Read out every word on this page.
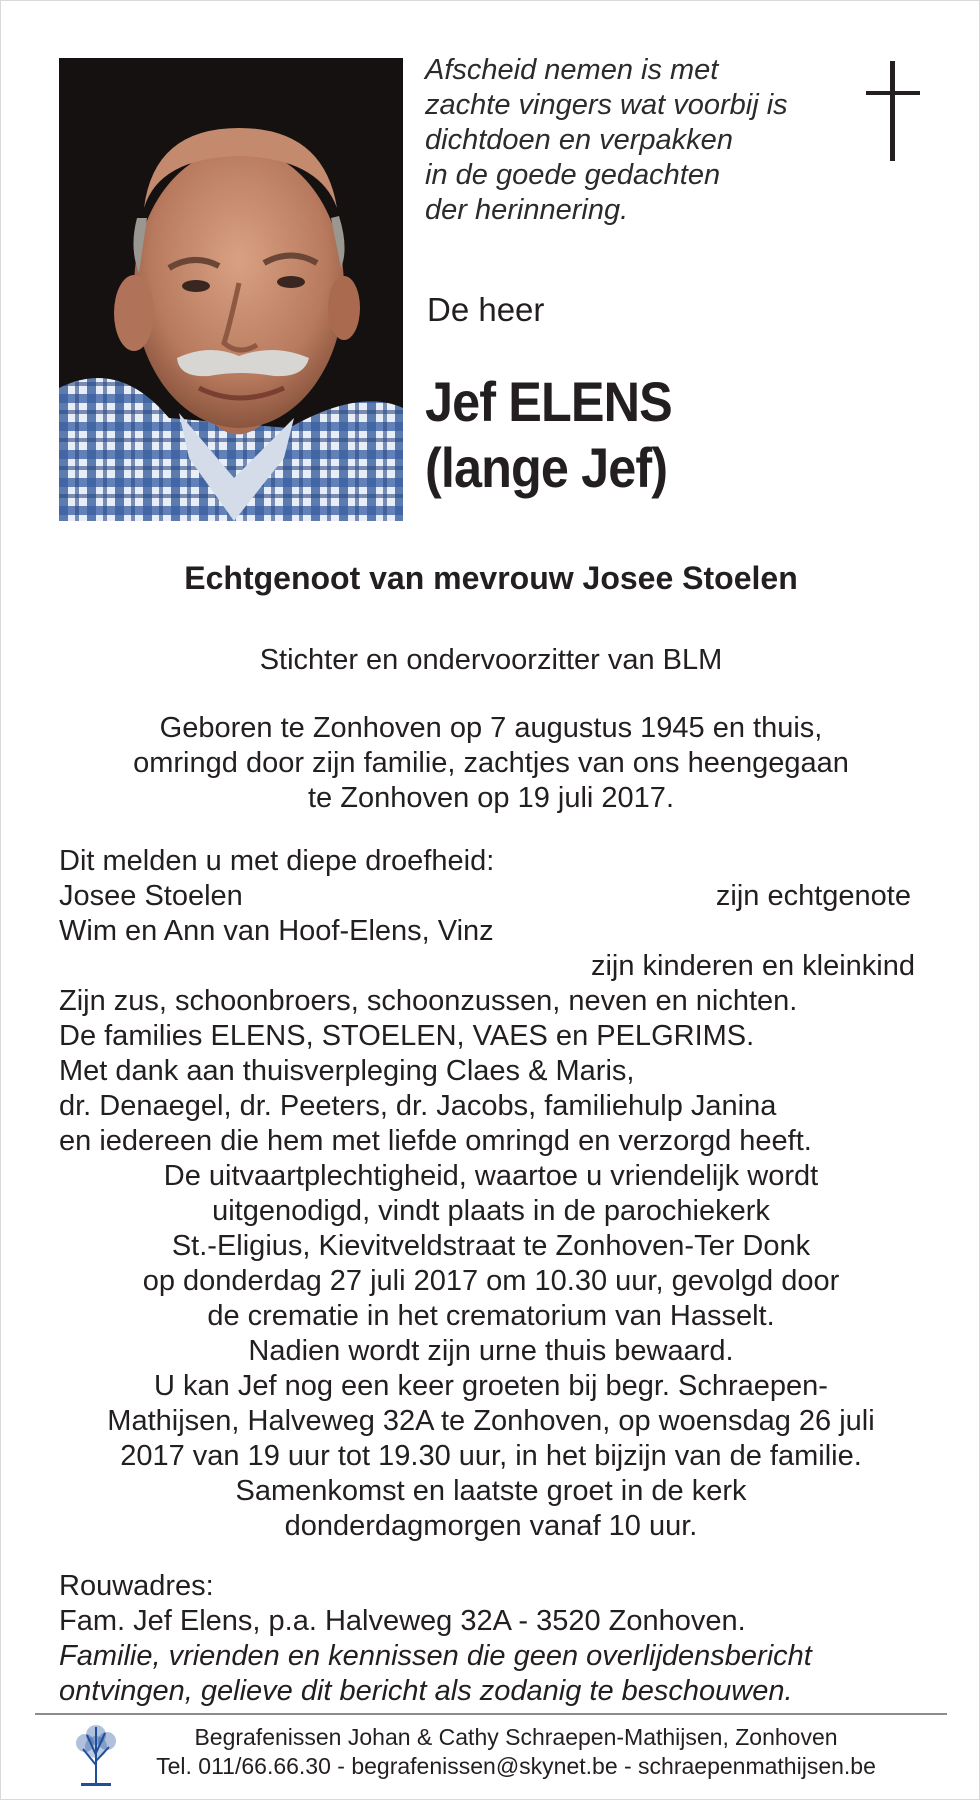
Afscheid nemen is met
zachte vingers wat voorbij is
dichtdoen en verpakken
in de goede gedachten
der herinnering.
De heer
Jef ELENS
(lange Jef)
Echtgenoot van mevrouw Josee Stoelen
Stichter en ondervoorzitter van BLM
Geboren te Zonhoven op 7 augustus 1945 en thuis,
omringd door zijn familie, zachtjes van ons heengegaan
te Zonhoven op 19 juli 2017.
Dit melden u met diepe droefheid:
Josee Stoelen	zijn echtgenote
Wim en Ann van Hoof-Elens, Vinz
zijn kinderen en kleinkind
Zijn zus, schoonbroers, schoonzussen, neven en nichten.
De families ELENS, STOELEN, VAES en PELGRIMS.
Met dank aan thuisverpleging Claes & Maris,
dr. Denaegel, dr. Peeters, dr. Jacobs, familiehulp Janina
en iedereen die hem met liefde omringd en verzorgd heeft.
De uitvaartplechtigheid, waartoe u vriendelijk wordt
uitgenodigd, vindt plaats in de parochiekerk
St.-Eligius, Kievitveldstraat te Zonhoven-Ter Donk
op donderdag 27 juli 2017 om 10.30 uur, gevolgd door
de crematie in het crematorium van Hasselt.
Nadien wordt zijn urne thuis bewaard.
U kan Jef nog een keer groeten bij begr. Schraepen-
Mathijsen, Halveweg 32A te Zonhoven, op woensdag 26 juli
2017 van 19 uur tot 19.30 uur, in het bijzijn van de familie.
Samenkomst en laatste groet in de kerk
donderdagmorgen vanaf 10 uur.
Rouwadres:
Fam. Jef Elens, p.a. Halveweg 32A - 3520 Zonhoven.
Familie, vrienden en kennissen die geen overlijdensbericht
ontvingen, gelieve dit bericht als zodanig te beschouwen.
Begrafenissen Johan & Cathy Schraepen-Mathijsen, Zonhoven
Tel. 011/66.66.30 - begrafenissen@skynet.be - schraepenmathijsen.be
